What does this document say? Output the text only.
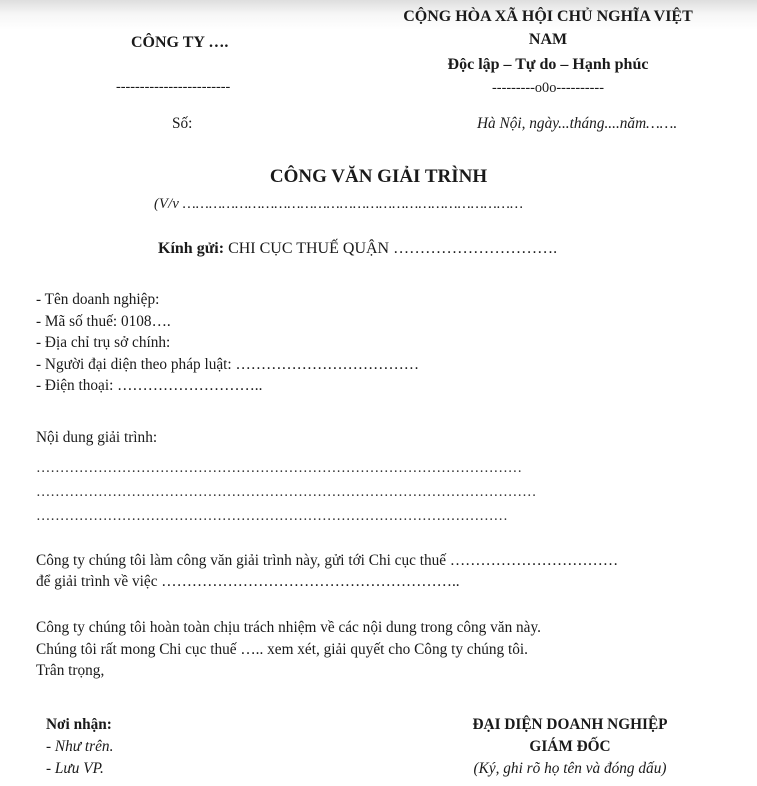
CÔNG TY ….
------------------------
Số:
CỘNG HÒA XÃ HỘI CHỦ NGHĨA VIỆT
NAM
Độc lập – Tự do – Hạnh phúc
---------o0o----------
Hà Nội, ngày...tháng....năm…….
CÔNG VĂN GIẢI TRÌNH
(V/v ……………………………………………………………………
Kính gửi: CHI CỤC THUẾ QUẬN ………………………….
- Tên doanh nghiệp:
- Mã số thuế: 0108….
- Địa chỉ trụ sở chính:
- Người đại diện theo pháp luật: ………………………………
- Điện thoại: ………………………..
Nội dung giải trình:
…………………………………………………………………………………………
……………………………………………………………………………………………
………………………………………………………………………………………
Công ty chúng tôi làm công văn giải trình này, gửi tới Chi cục thuế ……………………………
để giải trình về việc …………………………………………………..
Công ty chúng tôi hoàn toàn chịu trách nhiệm về các nội dung trong công văn này.
Chúng tôi rất mong Chi cục thuế ….. xem xét, giải quyết cho Công ty chúng tôi.
Trân trọng,
Nơi nhận:
- Như trên.
- Lưu VP.
ĐẠI DIỆN DOANH NGHIỆP
GIÁM ĐỐC
(Ký, ghi rõ họ tên và đóng dấu)
